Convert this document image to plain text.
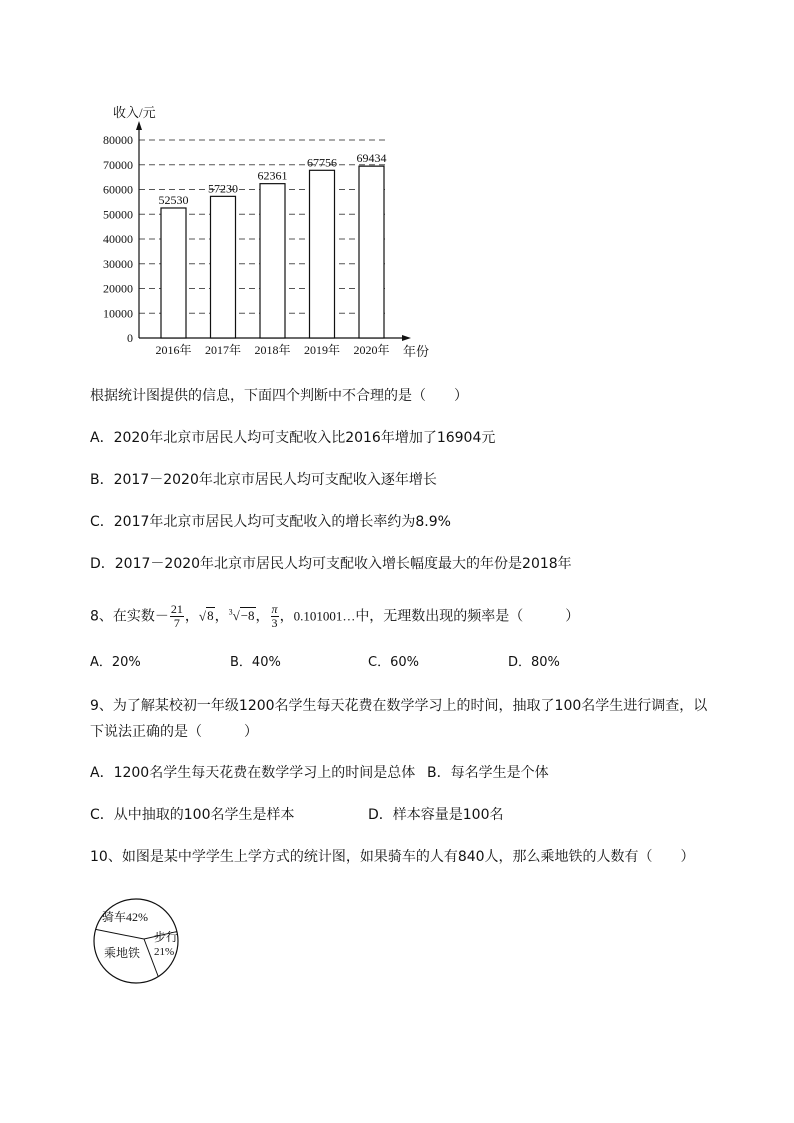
0
10000
20000
30000
40000
50000
60000
70000
80000
收入/元
年份
52530
2016年
57230
2017年
62361
2018年
67756
2019年
69434
2020年
根据统计图提供的信息，下面四个判断中不合理的是（　　）
A．2020年北京市居民人均可支配收入比2016年增加了16904元
B．2017－2020年北京市居民人均可支配收入逐年增长
C．2017年北京市居民人均可支配收入的增长率约为8.9%
D．2017－2020年北京市居民人均可支配收入增长幅度最大的年份是2018年
8、在实数－ $\frac{21}{7}$ ，√8，$^3$√−8， $\frac{\pi}{3}$ ，0.101001…中，无理数出现的频率是（　　　）
A．20%	B．40%	C．60%	D．80%
9、为了解某校初一年级1200名学生每天花费在数学学习上的时间，抽取了100名学生进行调查，以
下说法正确的是（　　　）
A．1200名学生每天花费在数学学习上的时间是总体 B．每名学生是个体
C．从中抽取的100名学生是样本	D．样本容量是100名
10、如图是某中学学生上学方式的统计图，如果骑车的人有840人，那么乘地铁的人数有（　　）
骑车42%
步行
21%
乘地铁
